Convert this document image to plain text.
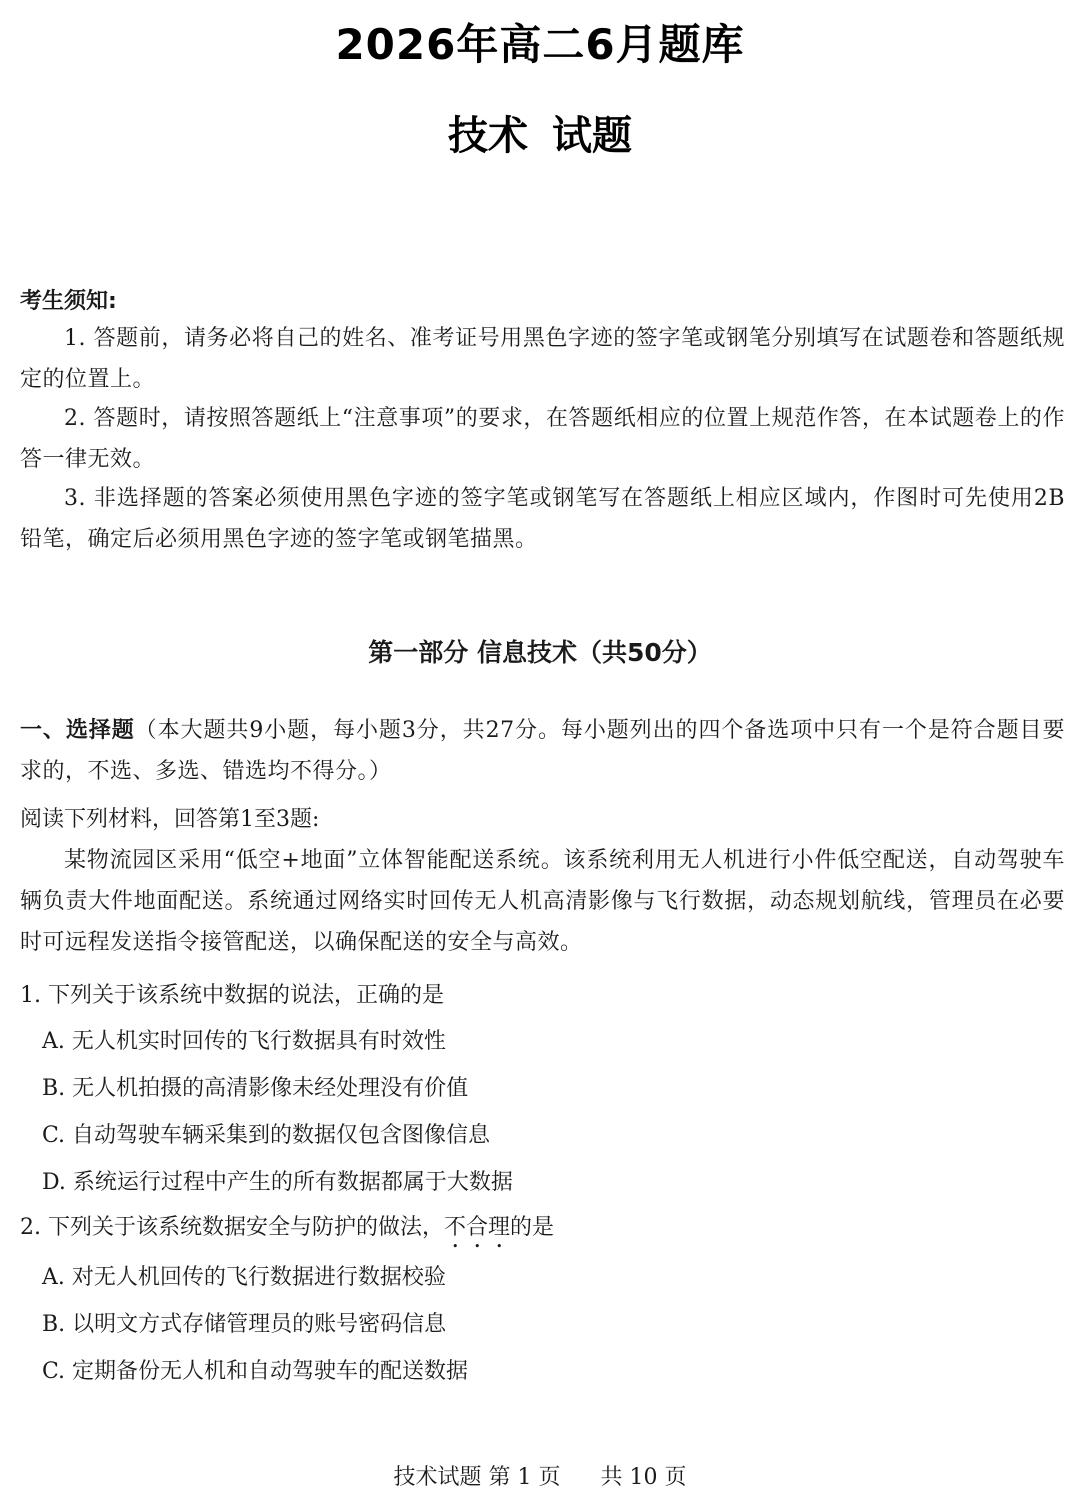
2026年高二6月题库
技术 试题
考生须知:
1. 答题前，请务必将自己的姓名、准考证号用黑色字迹的签字笔或钢笔分别填写在试题卷和答题纸规定的位置上。
2. 答题时，请按照答题纸上“注意事项”的要求，在答题纸相应的位置上规范作答，在本试题卷上的作答一律无效。
3. 非选择题的答案必须使用黑色字迹的签字笔或钢笔写在答题纸上相应区域内，作图时可先使用2B铅笔，确定后必须用黑色字迹的签字笔或钢笔描黑。
第一部分 信息技术（共50分）
一、选择题（本大题共9小题，每小题3分，共27分。每小题列出的四个备选项中只有一个是符合题目要求的，不选、多选、错选均不得分。）
阅读下列材料，回答第1至3题:
某物流园区采用“低空+地面”立体智能配送系统。该系统利用无人机进行小件低空配送，自动驾驶车辆负责大件地面配送。系统通过网络实时回传无人机高清影像与飞行数据，动态规划航线，管理员在必要时可远程发送指令接管配送，以确保配送的安全与高效。
1. 下列关于该系统中数据的说法，正确的是
A. 无人机实时回传的飞行数据具有时效性
B. 无人机拍摄的高清影像未经处理没有价值
C. 自动驾驶车辆采集到的数据仅包含图像信息
D. 系统运行过程中产生的所有数据都属于大数据
2. 下列关于该系统数据安全与防护的做法，不合理的是
A. 对无人机回传的飞行数据进行数据校验
B. 以明文方式存储管理员的账号密码信息
C. 定期备份无人机和自动驾驶车的配送数据
技术试题 第 1 页 共 10 页
